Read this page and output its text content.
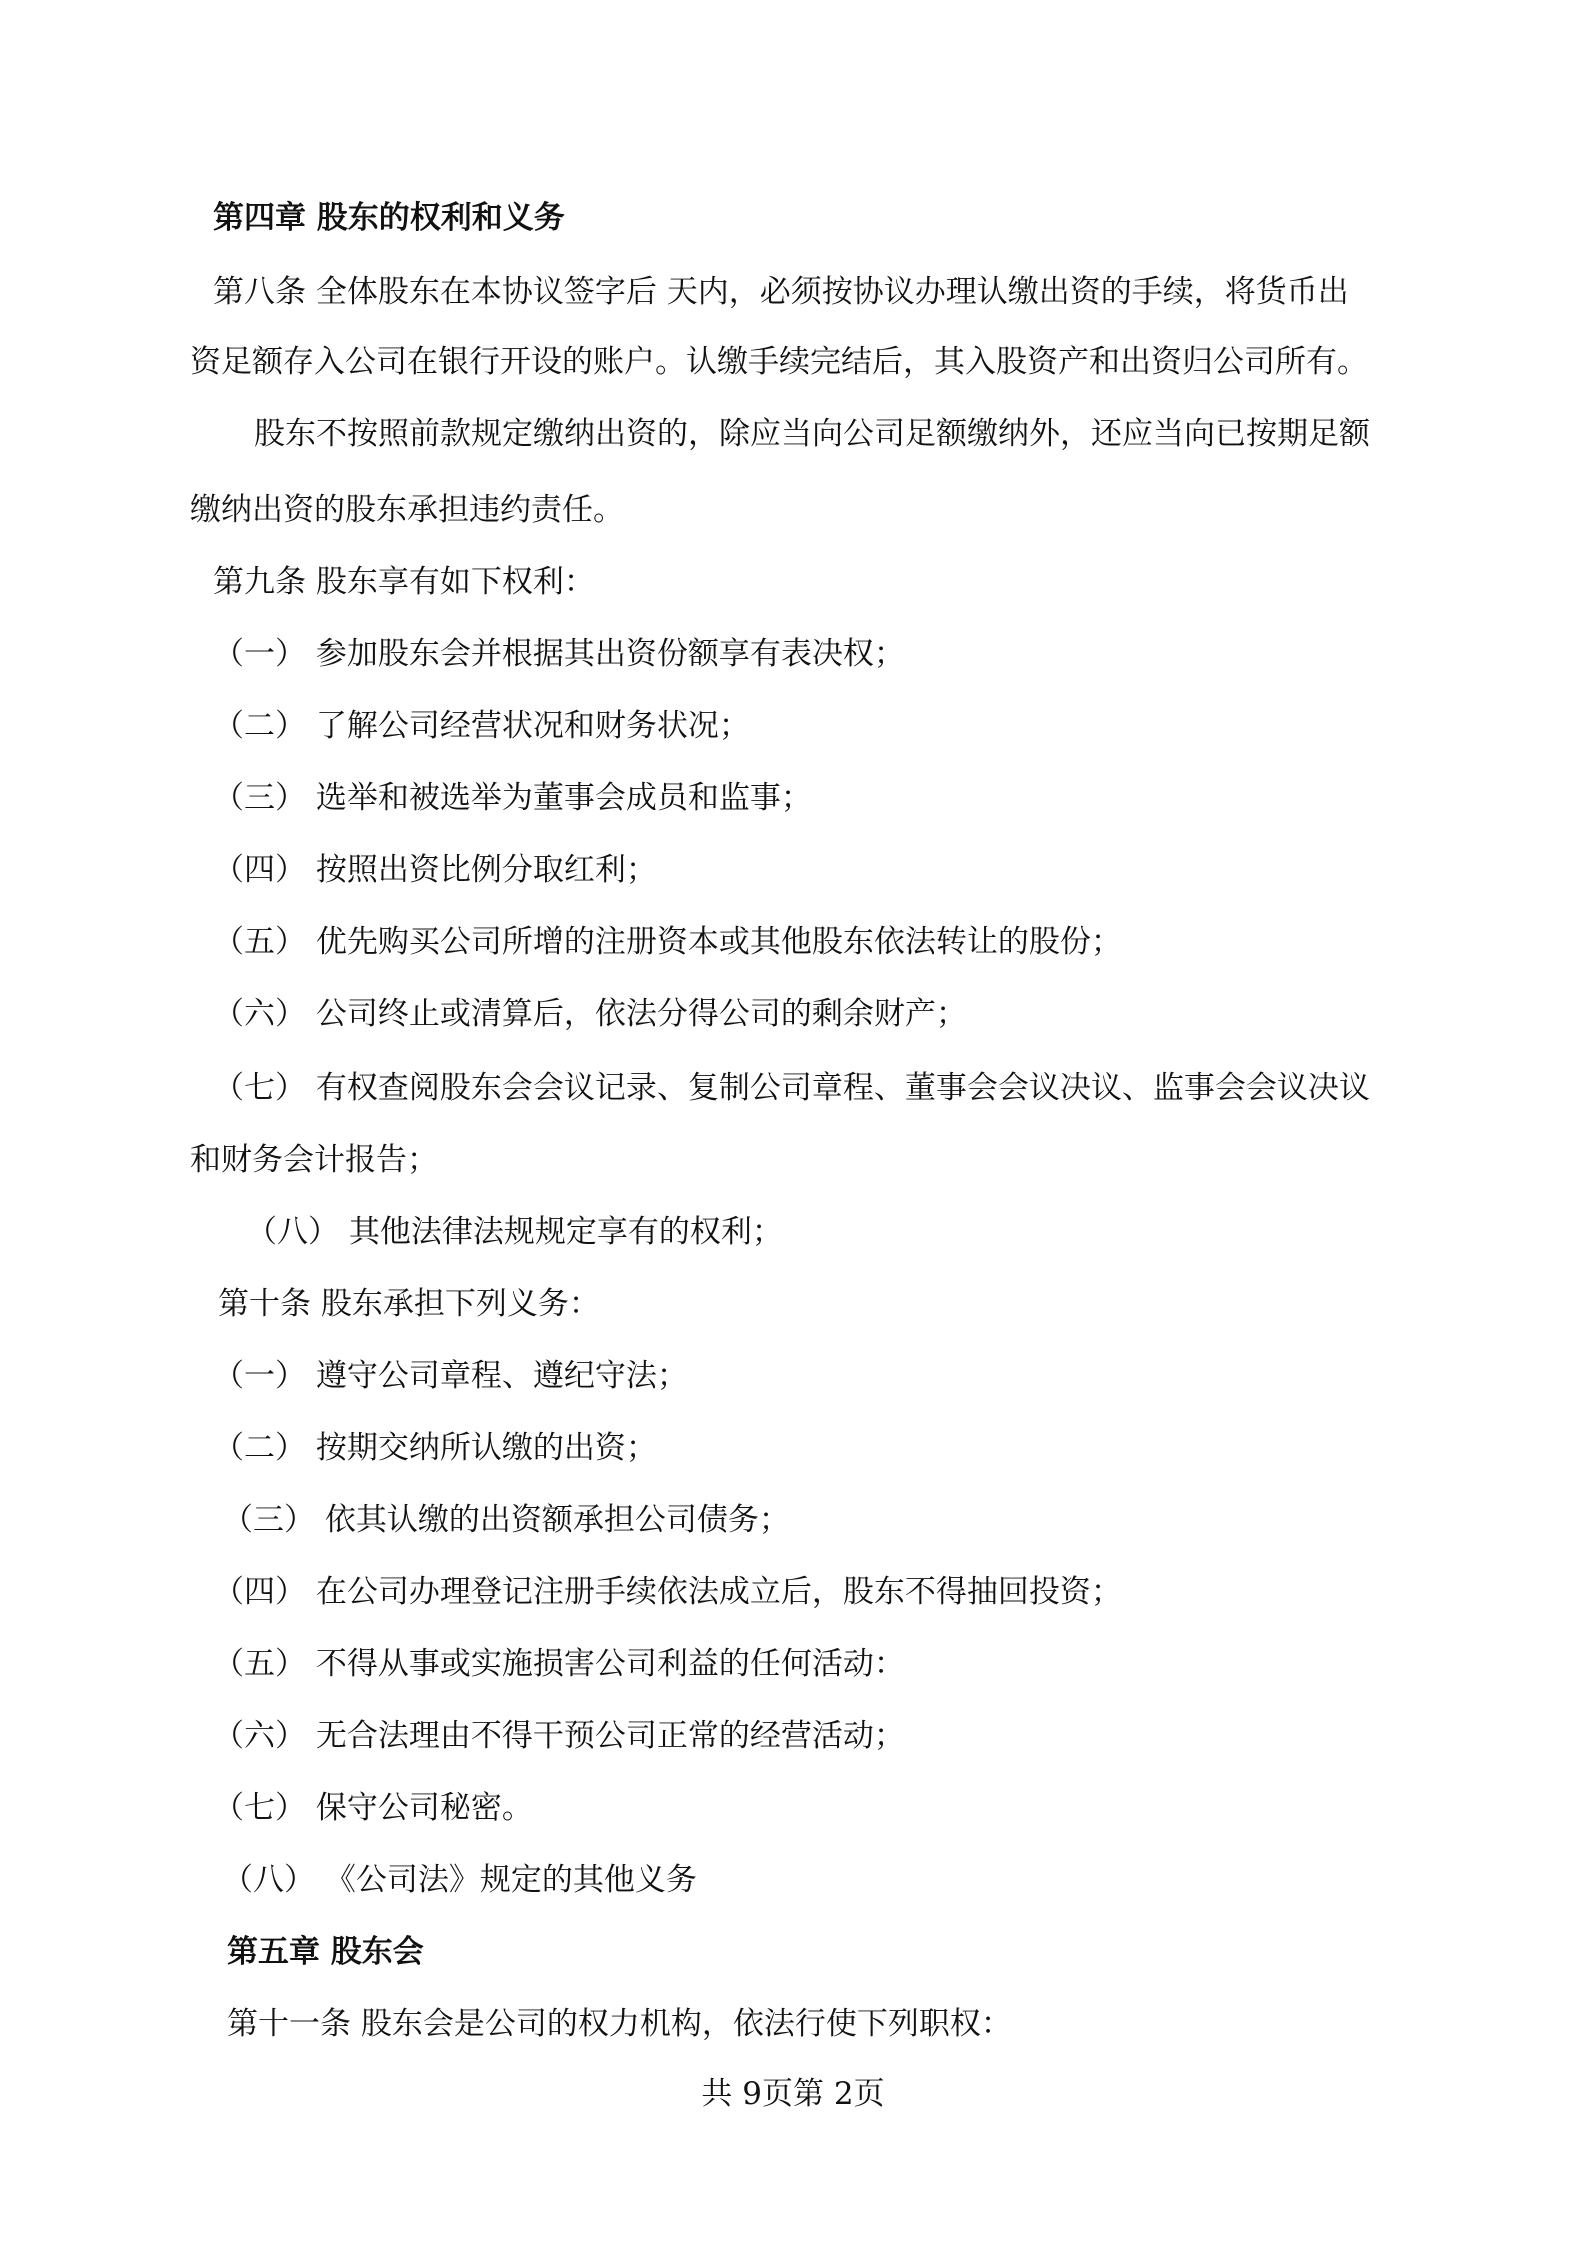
第四章 股东的权利和义务
第八条 全体股东在本协议签字后 天内，必须按协议办理认缴出资的手续，将货币出
资足额存入公司在银行开设的账户。认缴手续完结后，其入股资产和出资归公司所有。
股东不按照前款规定缴纳出资的，除应当向公司足额缴纳外，还应当向已按期足额
缴纳出资的股东承担违约责任。
第九条 股东享有如下权利：
（一） 参加股东会并根据其出资份额享有表决权；
（二） 了解公司经营状况和财务状况；
（三） 选举和被选举为董事会成员和监事；
（四） 按照出资比例分取红利；
（五） 优先购买公司所增的注册资本或其他股东依法转让的股份；
（六） 公司终止或清算后，依法分得公司的剩余财产；
（七） 有权查阅股东会会议记录、复制公司章程、董事会会议决议、监事会会议决议
和财务会计报告；
（八） 其他法律法规规定享有的权利；
第十条 股东承担下列义务：
（一） 遵守公司章程、遵纪守法；
（二） 按期交纳所认缴的出资；
（三） 依其认缴的出资额承担公司债务；
（四） 在公司办理登记注册手续依法成立后，股东不得抽回投资；
（五） 不得从事或实施损害公司利益的任何活动：
（六） 无合法理由不得干预公司正常的经营活动；
（七） 保守公司秘密。
（八） 《公司法》规定的其他义务
第五章 股东会
第十一条 股东会是公司的权力机构，依法行使下列职权：
共 9页第 2页
